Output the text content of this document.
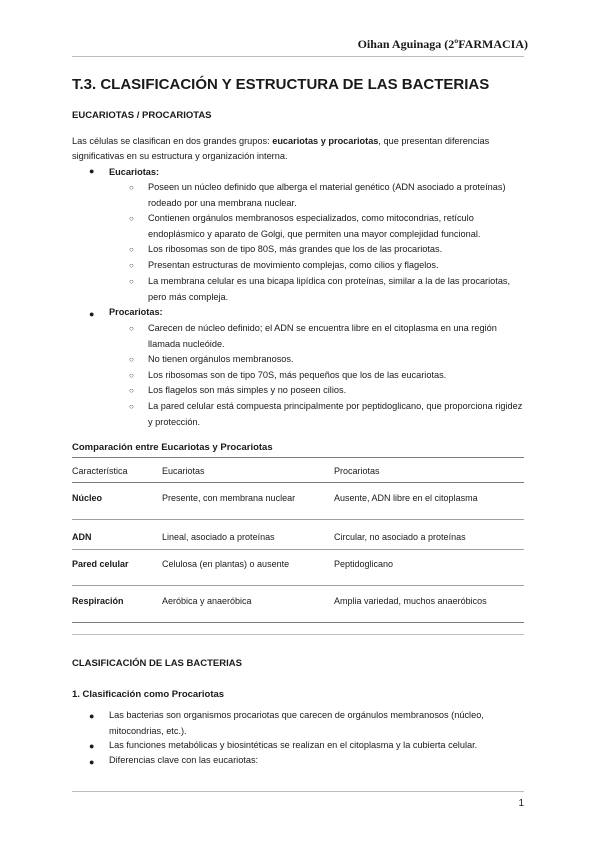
Oihan Aguinaga (2ºFARMACIA)
T.3. CLASIFICACIÓN Y ESTRUCTURA DE LAS BACTERIAS
EUCARIOTAS / PROCARIOTAS
Las células se clasifican en dos grandes grupos: eucariotas y procariotas, que presentan diferencias significativas en su estructura y organización interna.
● Eucariotas:
○ Poseen un núcleo definido que alberga el material genético (ADN asociado a proteínas) rodeado por una membrana nuclear.
○ Contienen orgánulos membranosos especializados, como mitocondrias, retículo endoplásmico y aparato de Golgi, que permiten una mayor complejidad funcional.
○ Los ribosomas son de tipo 80S, más grandes que los de las procariotas.
○ Presentan estructuras de movimiento complejas, como cilios y flagelos.
○ La membrana celular es una bicapa lipídica con proteínas, similar a la de las procariotas, pero más compleja.
● Procariotas:
○ Carecen de núcleo definido; el ADN se encuentra libre en el citoplasma en una región llamada nucleóide.
○ No tienen orgánulos membranosos.
○ Los ribosomas son de tipo 70S, más pequeños que los de las eucariotas.
○ Los flagelos son más simples y no poseen cilios.
○ La pared celular está compuesta principalmente por peptidoglicano, que proporciona rigidez y protección.
Comparación entre Eucariotas y Procariotas
Característica	Eucariotas	Procariotas
Núcleo	Presente, con membrana nuclear	Ausente, ADN libre en el citoplasma
ADN	Lineal, asociado a proteínas	Circular, no asociado a proteínas
Pared celular	Celulosa (en plantas) o ausente	Peptidoglicano
Respiración	Aeróbica y anaeróbica	Amplia variedad, muchos anaeróbicos
CLASIFICACIÓN DE LAS BACTERIAS
1. Clasificación como Procariotas
● Las bacterias son organismos procariotas que carecen de orgánulos membranosos (núcleo, mitocondrias, etc.).
● Las funciones metabólicas y biosintéticas se realizan en el citoplasma y la cubierta celular.
● Diferencias clave con las eucariotas:
1
